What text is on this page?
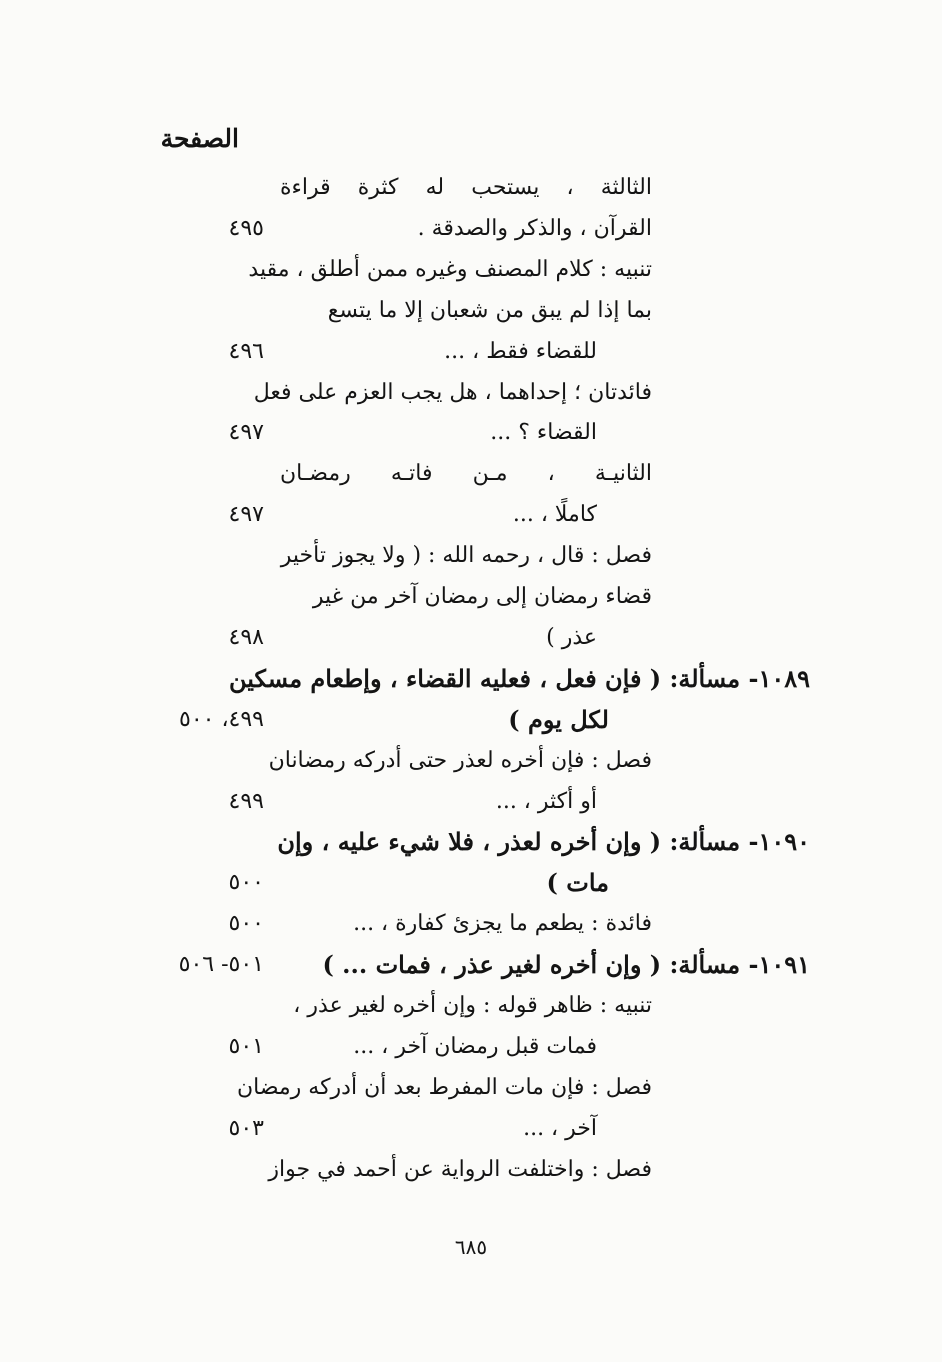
الصفحة
الثالثة ، يستحب له كثرة قراءة
القرآن ، والذكر والصدقة .
٤٩٥
تنبيه : كلام المصنف وغيره ممن أطلق ، مقيد
بما إذا لم يبق من شعبان إلا ما يتسع
للقضاء فقط ، ...
٤٩٦
فائدتان ؛ إحداهما ، هل يجب العزم على فعل
القضاء ؟ ...
٤٩٧
الثانيـة ، مـن فاتـه رمضـان
كاملًا ، ...
٤٩٧
فصل : قال ، رحمه الله : ( ولا يجوز تأخير
قضاء رمضان إلى رمضان آخر من غير
عذر )
٤٩٨
١٠٨٩- مسألة: ( فإن فعل ، فعليه القضاء ، وإطعام مسكين
لكل يوم )
٤٩٩، ٥٠٠
فصل : فإن أخره لعذر حتى أدركه رمضانان
أو أكثر ، ...
٤٩٩
١٠٩٠- مسألة: ( وإن أخره لعذر ، فلا شيء عليه ، وإن
مات )
٥٠٠
فائدة : يطعم ما يجزئ كفارة ، ...
٥٠٠
١٠٩١- مسألة: ( وإن أخره لغير عذر ، فمات ... )
٥٠١- ٥٠٦
تنبيه : ظاهر قوله : وإن أخره لغير عذر ،
فمات قبل رمضان آخر ، ...
٥٠١
فصل : فإن مات المفرط بعد أن أدركه رمضان
آخر ، ...
٥٠٣
فصل : واختلفت الرواية عن أحمد في جواز
٦٨٥
